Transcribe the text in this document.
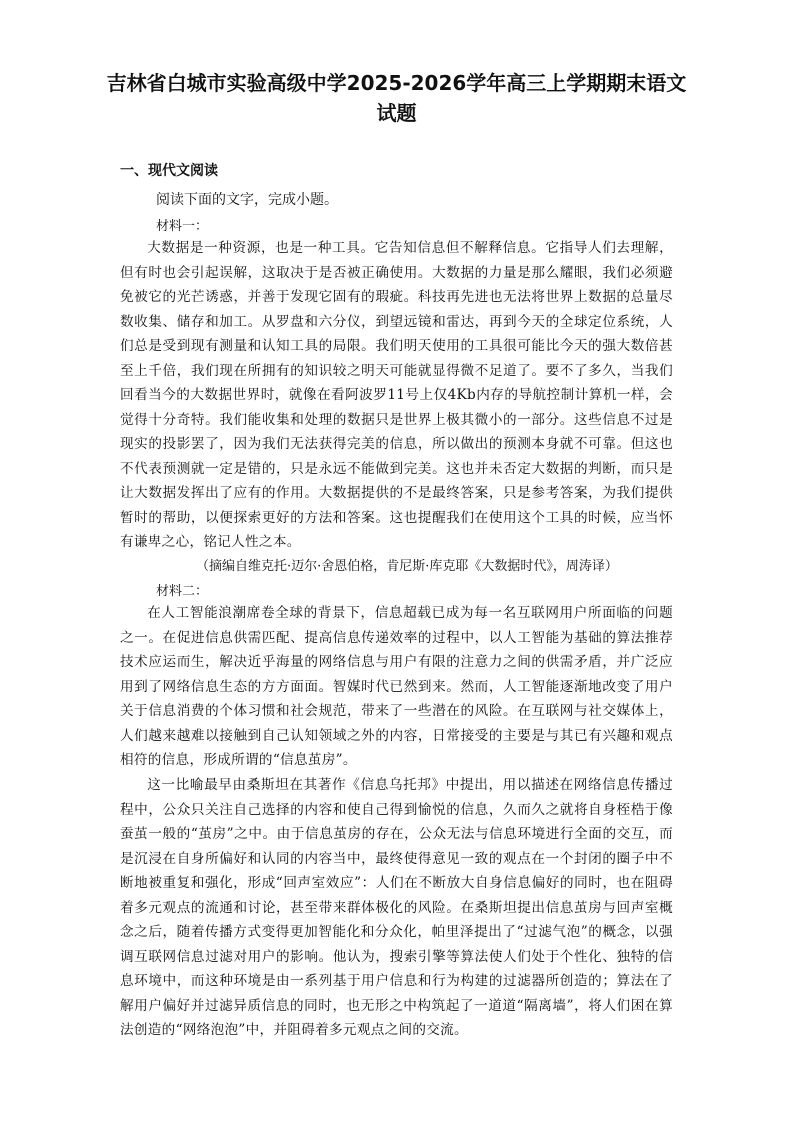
吉林省白城市实验高级中学2025-2026学年高三上学期期末语文试题
一、现代文阅读
阅读下面的文字，完成小题。
材料一：

大数据是一种资源，也是一种工具。它告知信息但不解释信息。它指导人们去理解，但有时也会引起误解，这取决于是否被正确使用。大数据的力量是那么耀眼，我们必须避免被它的光芒诱惑，并善于发现它固有的瑕疵。科技再先进也无法将世界上数据的总量尽数收集、储存和加工。从罗盘和六分仪，到望远镜和雷达，再到今天的全球定位系统，人们总是受到现有测量和认知工具的局限。我们明天使用的工具很可能比今天的强大数倍甚至上千倍，我们现在所拥有的知识较之明天可能就显得微不足道了。要不了多久，当我们回看当今的大数据世界时，就像在看阿波罗11号上仅4Kb内存的导航控制计算机一样，会觉得十分奇特。我们能收集和处理的数据只是世界上极其微小的一部分。这些信息不过是现实的投影罢了，因为我们无法获得完美的信息，所以做出的预测本身就不可靠。但这也不代表预测就一定是错的，只是永远不能做到完美。这也并未否定大数据的判断，而只是让大数据发挥出了应有的作用。大数据提供的不是最终答案，只是参考答案，为我们提供暂时的帮助，以便探索更好的方法和答案。这也提醒我们在使用这个工具的时候，应当怀有谦卑之心，铭记人性之本。

（摘编自维克托·迈尔·舍恩伯格，肯尼斯·库克耶《大数据时代》，周涛译）
材料二：

在人工智能浪潮席卷全球的背景下，信息超载已成为每一名互联网用户所面临的问题之一。在促进信息供需匹配、提高信息传递效率的过程中，以人工智能为基础的算法推荐技术应运而生，解决近乎海量的网络信息与用户有限的注意力之间的供需矛盾，并广泛应用到了网络信息生态的方方面面。智媒时代已然到来。然而，人工智能逐渐地改变了用户关于信息消费的个体习惯和社会规范，带来了一些潜在的风险。在互联网与社交媒体上，人们越来越难以接触到自己认知领域之外的内容，日常接受的主要是与其已有兴趣和观点相符的信息，形成所谓的“信息茧房”。

这一比喻最早由桑斯坦在其著作《信息乌托邦》中提出，用以描述在网络信息传播过程中，公众只关注自己选择的内容和使自己得到愉悦的信息，久而久之就将自身桎梏于像蚕茧一般的“茧房”之中。由于信息茧房的存在，公众无法与信息环境进行全面的交互，而是沉浸在自身所偏好和认同的内容当中，最终使得意见一致的观点在一个封闭的圈子中不断地被重复和强化，形成“回声室效应”：人们在不断放大自身信息偏好的同时，也在阻碍着多元观点的流通和讨论，甚至带来群体极化的风险。在桑斯坦提出信息茧房与回声室概念之后，随着传播方式变得更加智能化和分众化，帕里泽提出了“过滤气泡”的概念，以强调互联网信息过滤对用户的影响。他认为，搜索引擎等算法使人们处于个性化、独特的信息环境中，而这种环境是由一系列基于用户信息和行为构建的过滤器所创造的；算法在了解用户偏好并过滤异质信息的同时，也无形之中构筑起了一道道“隔离墙”，将人们困在算法创造的“网络泡泡”中，并阻碍着多元观点之间的交流。
